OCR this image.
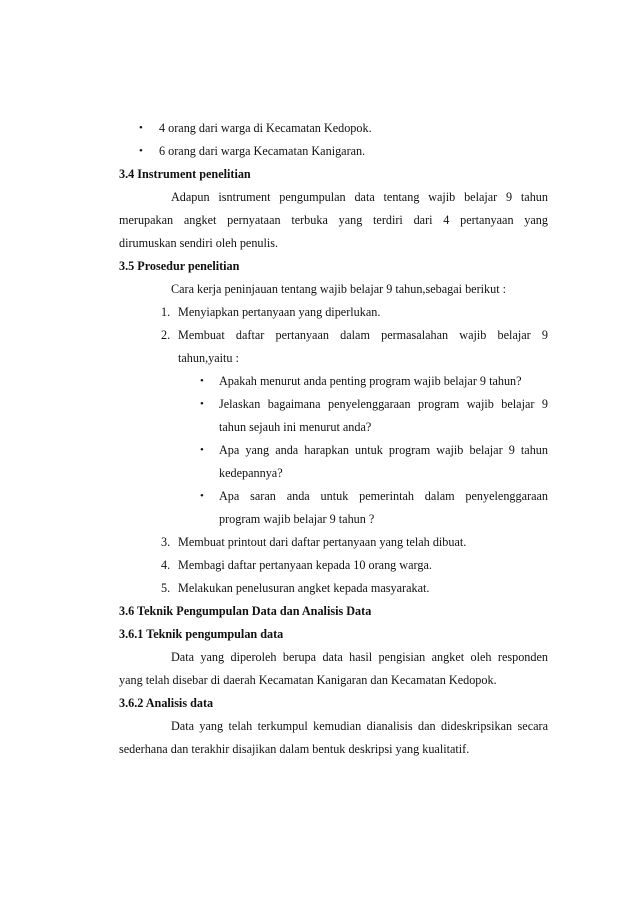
• 4 orang dari warga di Kecamatan Kedopok.
• 6 orang dari warga Kecamatan Kanigaran.
3.4 Instrument penelitian
Adapun isntrument pengumpulan data tentang wajib belajar 9 tahun
merupakan angket pernyataan terbuka yang terdiri dari 4 pertanyaan yang
dirumuskan sendiri oleh penulis.
3.5 Prosedur penelitian
Cara kerja peninjauan tentang wajib belajar 9 tahun,sebagai berikut :
1. Menyiapkan pertanyaan yang diperlukan.
2. Membuat daftar pertanyaan dalam permasalahan wajib belajar 9
tahun,yaitu :
• Apakah menurut anda penting program wajib belajar 9 tahun?
• Jelaskan bagaimana penyelenggaraan program wajib belajar 9
tahun sejauh ini menurut anda?
• Apa yang anda harapkan untuk program wajib belajar 9 tahun
kedepannya?
• Apa saran anda untuk pemerintah dalam penyelenggaraan
program wajib belajar 9 tahun ?
3. Membuat printout dari daftar pertanyaan yang telah dibuat.
4. Membagi daftar pertanyaan kepada 10 orang warga.
5. Melakukan penelusuran angket kepada masyarakat.
3.6 Teknik Pengumpulan Data dan Analisis Data
3.6.1 Teknik pengumpulan data
Data yang diperoleh berupa data hasil pengisian angket oleh responden
yang telah disebar di daerah Kecamatan Kanigaran dan Kecamatan Kedopok.
3.6.2 Analisis data
Data yang telah terkumpul kemudian dianalisis dan dideskripsikan secara
sederhana dan terakhir disajikan dalam bentuk deskripsi yang kualitatif.
